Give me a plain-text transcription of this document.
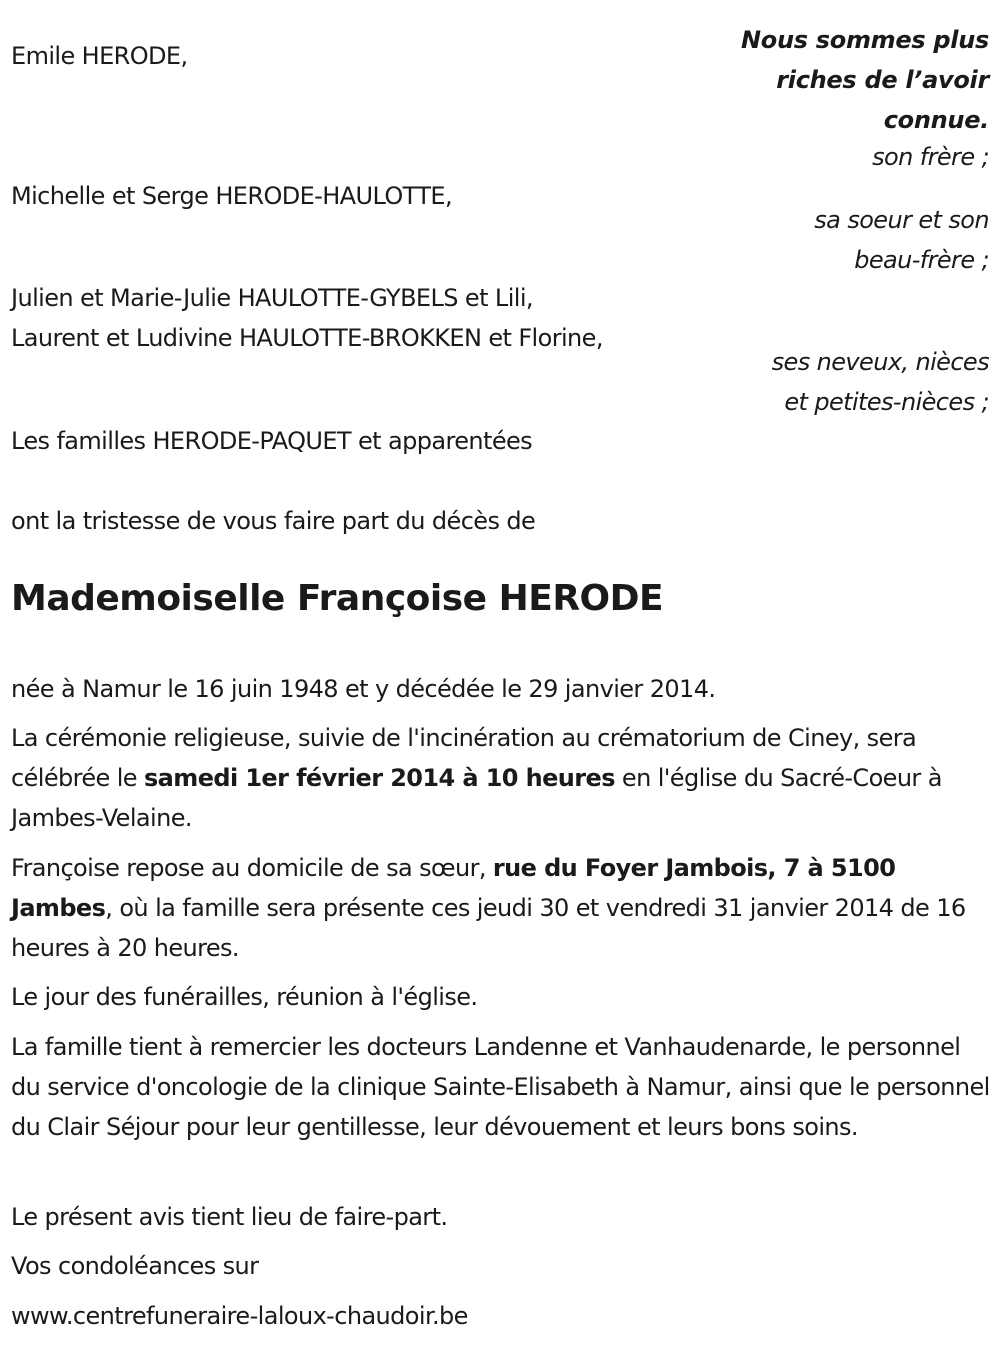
Nous sommes plus
riches de l’avoir
connue.
Emile HERODE,
son frère ;
Michelle et Serge HERODE-HAULOTTE,
sa soeur et son
beau-frère ;
Julien et Marie-Julie HAULOTTE-GYBELS et Lili,
Laurent et Ludivine HAULOTTE-BROKKEN et Florine,
ses neveux, nièces
et petites-nièces ;
Les familles HERODE-PAQUET et apparentées
ont la tristesse de vous faire part du décès de
Mademoiselle Françoise HERODE
née à Namur le 16 juin 1948 et y décédée le 29 janvier 2014.
La cérémonie religieuse, suivie de l'incinération au crématorium de Ciney, sera célébrée le samedi 1er février 2014 à 10 heures en l'église du Sacré-Coeur à Jambes-Velaine.
Françoise repose au domicile de sa sœur, rue du Foyer Jambois, 7 à 5100 Jambes, où la famille sera présente ces jeudi 30 et vendredi 31 janvier 2014 de 16 heures à 20 heures.
Le jour des funérailles, réunion à l'église.
La famille tient à remercier les docteurs Landenne et Vanhaudenarde, le personnel du service d'oncologie de la clinique Sainte-Elisabeth à Namur, ainsi que le personnel du Clair Séjour pour leur gentillesse, leur dévouement et leurs bons soins.
Le présent avis tient lieu de faire-part.
Vos condoléances sur
www.centrefuneraire-laloux-chaudoir.be
